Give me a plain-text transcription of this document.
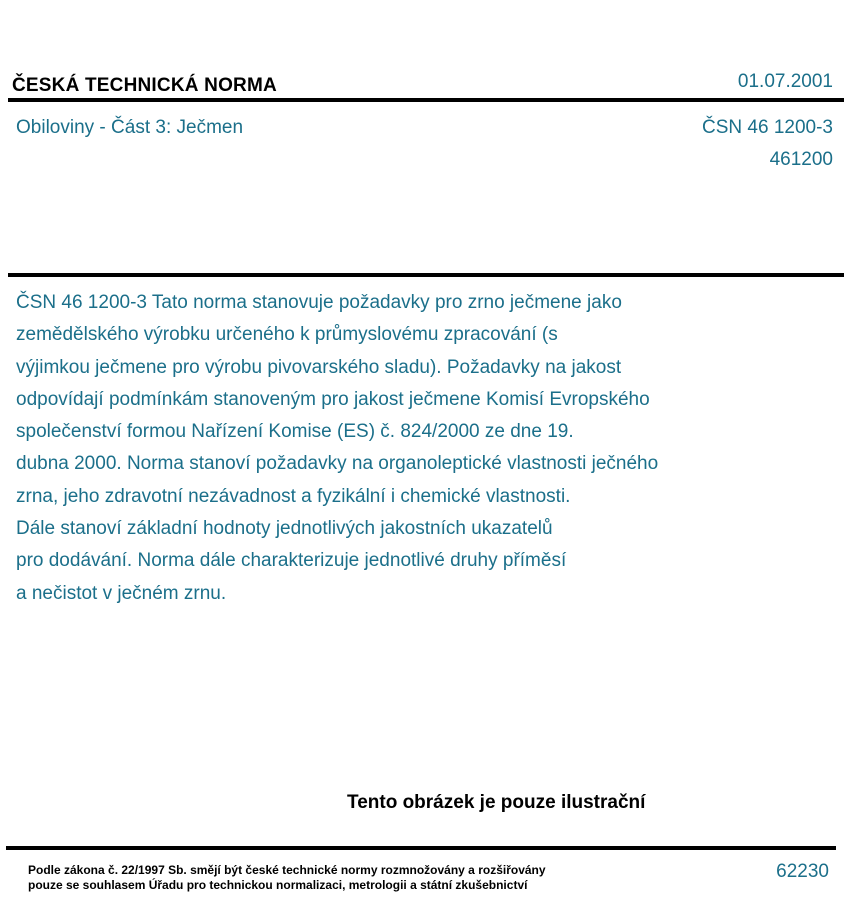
ČESKÁ TECHNICKÁ NORMA	01.07.2001
Obiloviny - Část 3: Ječmen	ČSN 46 1200-3
461200

ČSN 46 1200-3 Tato norma stanovuje požadavky pro zrno ječmene jako
zemědělského výrobku určeného k průmyslovému zpracování (s
výjimkou ječmene pro výrobu pivovarského sladu). Požadavky na jakost
odpovídají podmínkám stanoveným pro jakost ječmene Komisí Evropského
společenství formou Nařízení Komise (ES) č. 824/2000 ze dne 19.
dubna 2000. Norma stanoví požadavky na organoleptické vlastnosti ječného
zrna, jeho zdravotní nezávadnost a fyzikální i chemické vlastnosti.
Dále stanoví základní hodnoty jednotlivých jakostních ukazatelů
pro dodávání. Norma dále charakterizuje jednotlivé druhy příměsí
a nečistot v ječném zrnu.

Tento obrázek je pouze ilustrační
Podle zákona č. 22/1997 Sb. smějí být české technické normy rozmnožovány a rozšiřovány
pouze se souhlasem Úřadu pro technickou normalizaci, metrologii a státní zkušebnictví
62230
